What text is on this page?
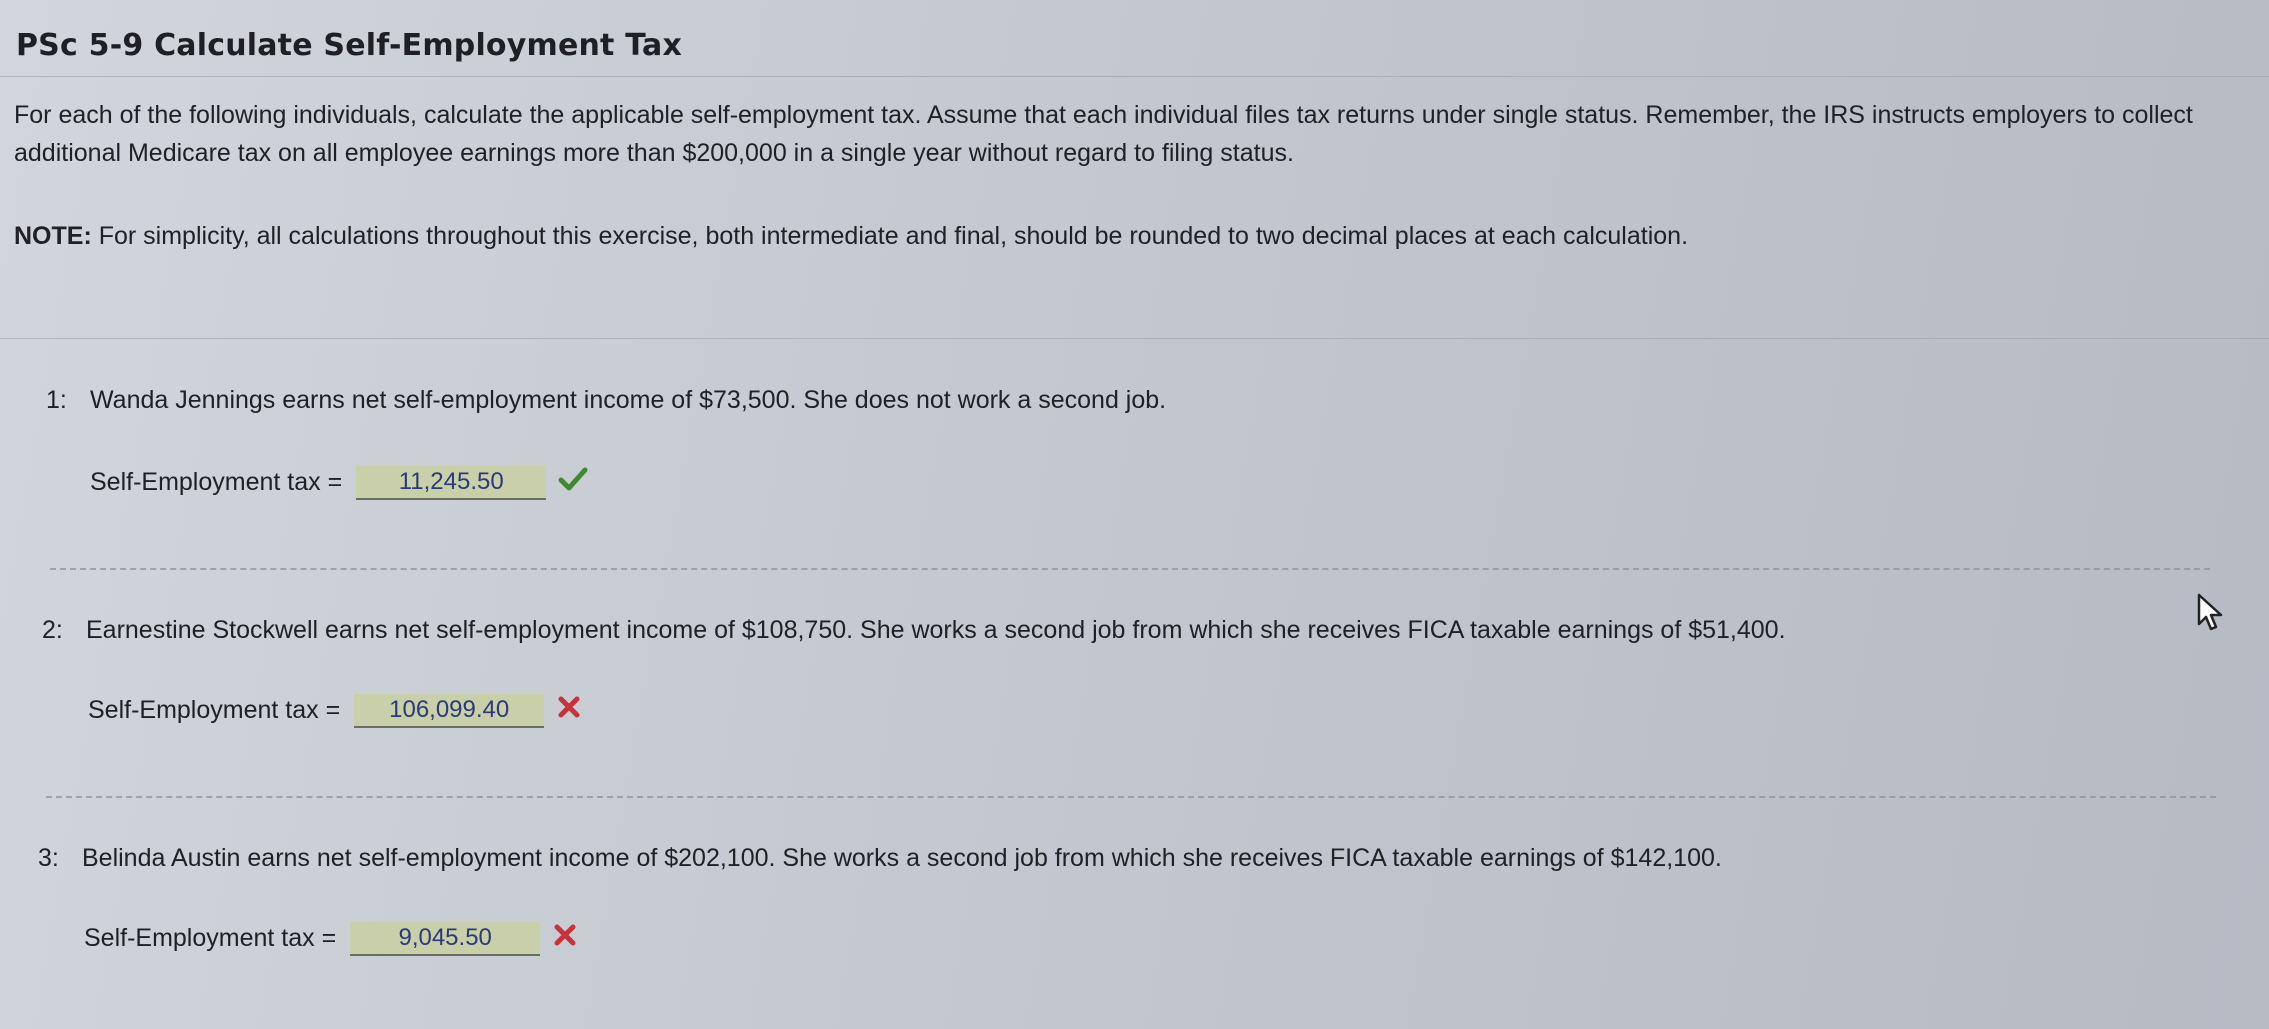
PSc 5-9 Calculate Self-Employment Tax
For each of the following individuals, calculate the applicable self-employment tax. Assume that each individual files tax returns under single status. Remember, the IRS instructs employers to collect additional Medicare tax on all employee earnings more than $200,000 in a single year without regard to filing status.
NOTE: For simplicity, all calculations throughout this exercise, both intermediate and final, should be rounded to two decimal places at each calculation.
1: Wanda Jennings earns net self-employment income of $73,500. She does not work a second job.
Self-Employment tax = 11,245.50
2: Earnestine Stockwell earns net self-employment income of $108,750. She works a second job from which she receives FICA taxable earnings of $51,400.
Self-Employment tax = 106,099.40
3: Belinda Austin earns net self-employment income of $202,100. She works a second job from which she receives FICA taxable earnings of $142,100.
Self-Employment tax =	9,045.50
